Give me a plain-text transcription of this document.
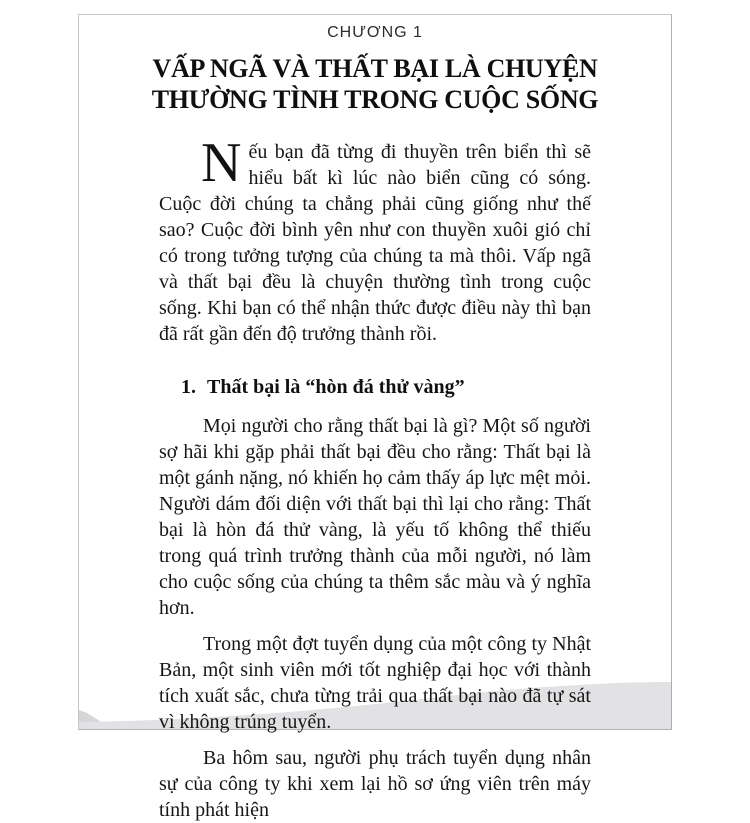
CHƯƠNG 1
VẤP NGÃ VÀ THẤT BẠI LÀ CHUYỆN
THƯỜNG TÌNH TRONG CUỘC SỐNG

Nếu bạn đã từng đi thuyền trên biển thì sẽ hiểu bất kì lúc nào biển cũng có sóng. Cuộc đời chúng ta chẳng phải cũng giống như thế sao? Cuộc đời bình yên như con thuyền xuôi gió chỉ có trong tưởng tượng của chúng ta mà thôi. Vấp ngã và thất bại đều là chuyện thường tình trong cuộc sống. Khi bạn có thể nhận thức được điều này thì bạn đã rất gần đến độ trưởng thành rồi.

1. Thất bại là “hòn đá thử vàng”

Mọi người cho rằng thất bại là gì? Một số người sợ hãi khi gặp phải thất bại đều cho rằng: Thất bại là một gánh nặng, nó khiến họ cảm thấy áp lực mệt mỏi. Người dám đối diện với thất bại thì lại cho rằng: Thất bại là hòn đá thử vàng, là yếu tố không thể thiếu trong quá trình trưởng thành của mỗi người, nó làm cho cuộc sống của chúng ta thêm sắc màu và ý nghĩa hơn.

Trong một đợt tuyển dụng của một công ty Nhật Bản, một sinh viên mới tốt nghiệp đại học với thành tích xuất sắc, chưa từng trải qua thất bại nào đã tự sát vì không trúng tuyển.

Ba hôm sau, người phụ trách tuyển dụng nhân sự của công ty khi xem lại hồ sơ ứng viên trên máy tính phát hiện
